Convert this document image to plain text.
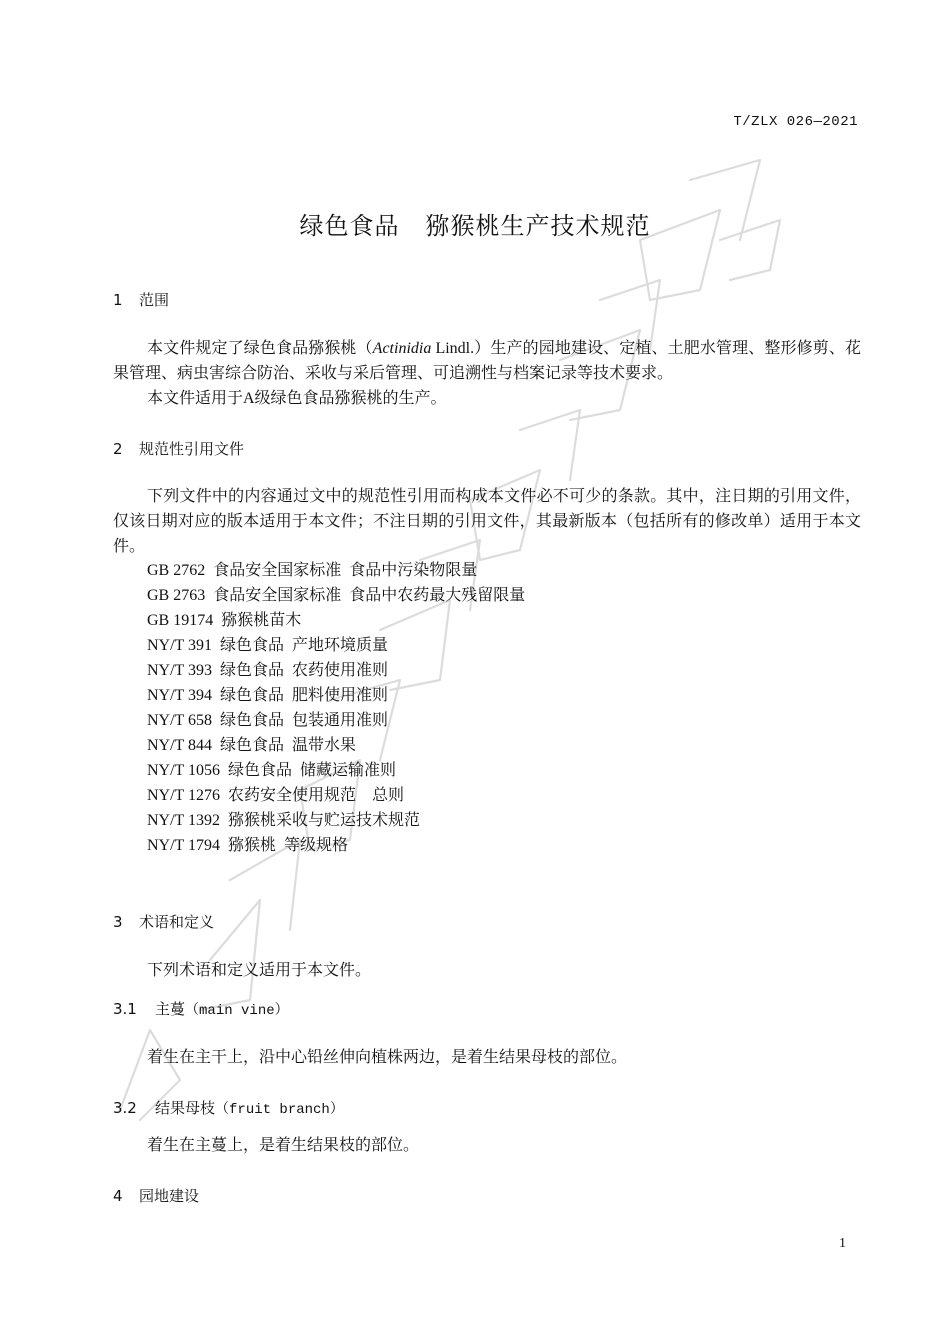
T/ZLX 026—2021
绿色食品 猕猴桃生产技术规范
1 范围
本文件规定了绿色食品猕猴桃（Actinidia Lindl.）生产的园地建设、定植、土肥水管理、整形修剪、花果管理、病虫害综合防治、采收与采后管理、可追溯性与档案记录等技术要求。
本文件适用于A级绿色食品猕猴桃的生产。
2 规范性引用文件
下列文件中的内容通过文中的规范性引用而构成本文件必不可少的条款。其中，注日期的引用文件，仅该日期对应的版本适用于本文件；不注日期的引用文件，其最新版本（包括所有的修改单）适用于本文件。
GB 2762 食品安全国家标准  食品中污染物限量
GB 2763 食品安全国家标准  食品中农药最大残留限量
GB 19174 猕猴桃苗木
NY/T 391 绿色食品  产地环境质量
NY/T 393 绿色食品  农药使用准则
NY/T 394 绿色食品  肥料使用准则
NY/T 658 绿色食品  包装通用准则
NY/T 844 绿色食品  温带水果
NY/T 1056 绿色食品  储藏运输准则
NY/T 1276 农药安全使用规范    总则
NY/T 1392 猕猴桃采收与贮运技术规范
NY/T 1794 猕猴桃  等级规格
3 术语和定义
下列术语和定义适用于本文件。
3.1 主蔓（main vine）
着生在主干上，沿中心铅丝伸向植株两边，是着生结果母枝的部位。
3.2 结果母枝（fruit branch）
着生在主蔓上，是着生结果枝的部位。
4 园地建设
1
